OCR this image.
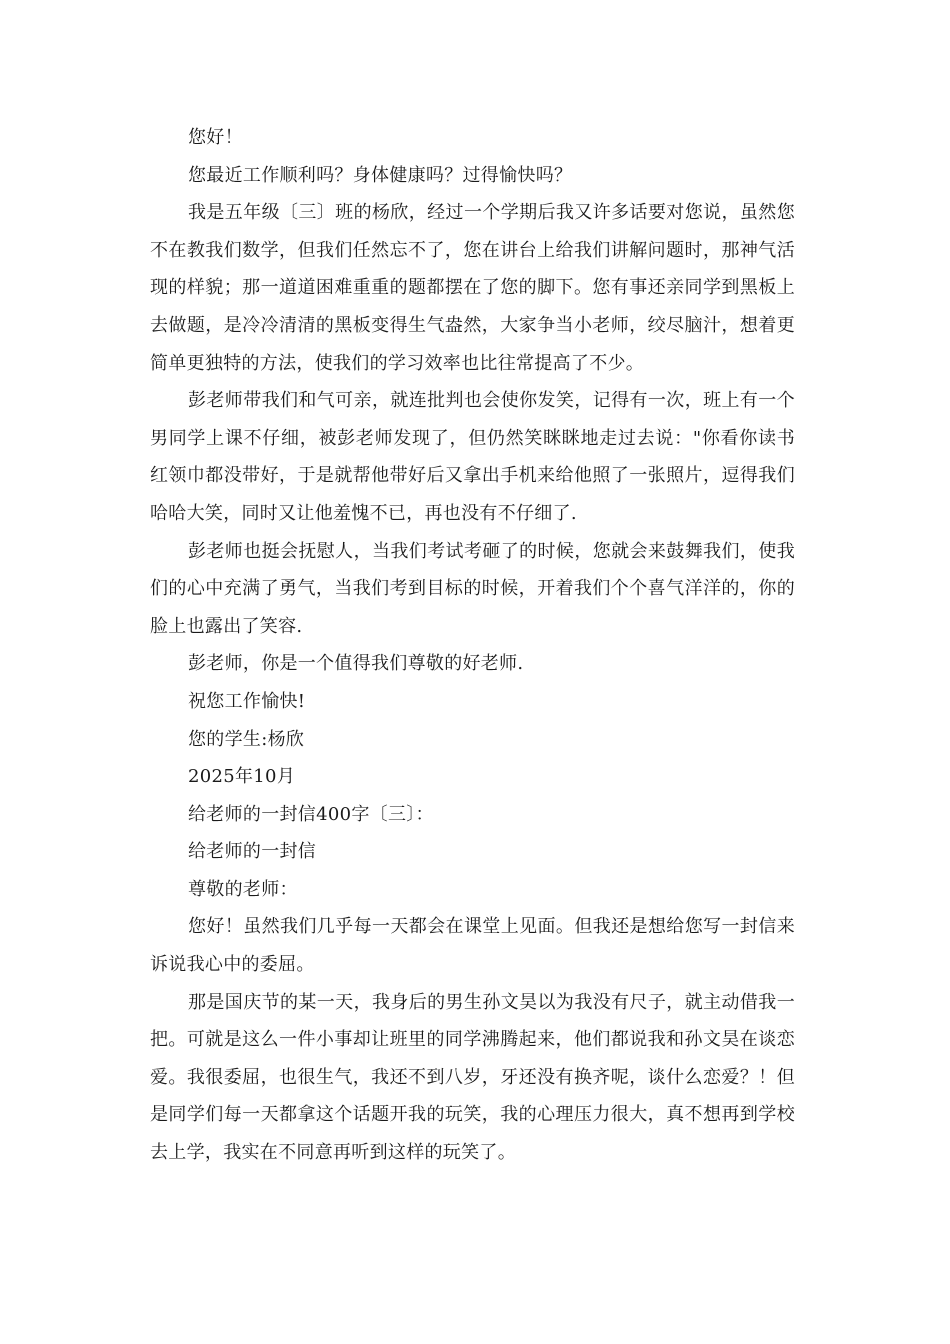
您好！

您最近工作顺利吗？身体健康吗？过得愉快吗？

我是五年级〔三〕班的杨欣，经过一个学期后我又许多话要对您说，虽然您不在教我们数学，但我们任然忘不了，您在讲台上给我们讲解问题时，那神气活现的样貌；那一道道困难重重的题都摆在了您的脚下。您有事还亲同学到黑板上去做题，是冷冷清清的黑板变得生气盎然，大家争当小老师，绞尽脑汁，想着更简单更独特的方法，使我们的学习效率也比往常提高了不少。

彭老师带我们和气可亲，就连批判也会使你发笑，记得有一次，班上有一个男同学上课不仔细，被彭老师发现了，但仍然笑眯眯地走过去说："你看你读书红领巾都没带好，于是就帮他带好后又拿出手机来给他照了一张照片，逗得我们哈哈大笑，同时又让他羞愧不已，再也没有不仔细了.

彭老师也挺会抚慰人，当我们考试考砸了的时候，您就会来鼓舞我们，使我们的心中充满了勇气，当我们考到目标的时候，开着我们个个喜气洋洋的，你的脸上也露出了笑容.

彭老师，你是一个值得我们尊敬的好老师.

祝您工作愉快!

您的学生:杨欣

2025年10月

给老师的一封信400字〔三〕：

给老师的一封信

尊敬的老师：

您好！虽然我们几乎每一天都会在课堂上见面。但我还是想给您写一封信来诉说我心中的委屈。

那是国庆节的某一天，我身后的男生孙文昊以为我没有尺子，就主动借我一把。可就是这么一件小事却让班里的同学沸腾起来，他们都说我和孙文昊在谈恋爱。我很委屈，也很生气，我还不到八岁，牙还没有换齐呢，谈什么恋爱？！但是同学们每一天都拿这个话题开我的玩笑，我的心理压力很大，真不想再到学校去上学，我实在不同意再听到这样的玩笑了。
